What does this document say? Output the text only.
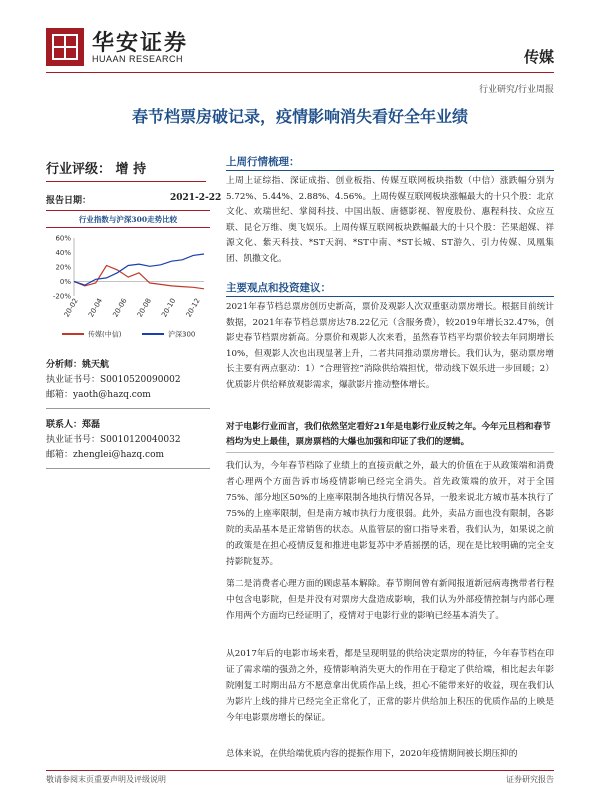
华安证券
HUAAN RESEARCH	传媒
行业研究/行业周报
春节档票房破记录，疫情影响消失看好全年业绩
行业评级： 增 持
报告日期：	2021-2-22
行业指数与沪深300走势比较
60%
40%
20%
0%
-20%
20-02 20-04 20-06 20-08 20-10 20-12
传媒(中信)	沪深300
分析师：姚天航
执业证书号：S0010520090002
邮箱：yaoth@hazq.com
联系人：郑磊
执业证书号：S0010120040032
邮箱：zhenglei@hazq.com
上周行情梳理：
上周上证综指、深证成指、创业板指、传媒互联网板块指数（中信）涨跌幅分别为5.72%、5.44%、2.88%、4.56%。上周传媒互联网板块涨幅最大的十只个股：北京文化、欢瑞世纪、掌阅科技、中国出版、唐德影视、智度股份、惠程科技、众应互联、昆仑万维、奥飞娱乐。上周传媒互联网板块跌幅最大的十只个股：芒果超媒、祥源文化、紫天科技、*ST天润、*ST中南、*ST长城、ST游久、引力传媒、凤凰集团、凯撒文化。
主要观点和投资建议：
2021年春节档总票房创历史新高，票价及观影人次双重驱动票房增长。根据目前统计数据，2021年春节档总票房达78.22亿元（含服务费），较2019年增长32.47%，创影史春节档票房新高。分票价和观影人次来看，虽然春节档平均票价较去年同期增长10%，但观影人次也出现显著上升，二者共同推动票房增长。我们认为，驱动票房增长主要有两点驱动：1）“合理管控”消除供给端担忧，带动线下娱乐进一步回暖；2）优质影片供给释放观影需求，爆款影片推动整体增长。
对于电影行业而言，我们依然坚定看好21年是电影行业反转之年。今年元旦档和春节档均为史上最佳，票房票档的大爆也加强和印证了我们的逻辑。
我们认为，今年春节档除了业绩上的直接贡献之外，最大的价值在于从政策端和消费者心理两个方面告诉市场疫情影响已经完全消失。首先政策端的放开，对于全国75%、部分地区50%的上座率限制各地执行情况各异，一般来说北方城市基本执行了75%的上座率限制，但是南方城市执行力度很弱。此外，卖品方面也没有限制，各影院的卖品基本是正常销售的状态。从监管层的窗口指导来看，我们认为，如果说之前的政策是在担心疫情反复和推进电影复苏中矛盾摇摆的话，现在是比较明确的完全支持影院复苏。
第二是消费者心理方面的顾虑基本解除。春节期间曾有新闻报道新冠病毒携带者行程中包含电影院，但是并没有对票房大盘造成影响，我们认为外部疫情控制与内部心理作用两个方面均已经证明了，疫情对于电影行业的影响已经基本消失了。
从2017年后的电影市场来看，都是呈现明显的供给决定票房的特征，今年春节档在印证了需求端的强劲之外，疫情影响消失更大的作用在于稳定了供给端，相比起去年影院刚复工时期出品方不愿意拿出优质作品上线，担心不能带来好的收益，现在我们认为影片上线的排片已经完全正常化了，正常的影片供给加上积压的优质作品的上映是今年电影票房增长的保证。
总体来说，在供给端优质内容的提振作用下，2020年疫情期间被长期压抑的
敬请参阅末页重要声明及评级说明	证券研究报告
